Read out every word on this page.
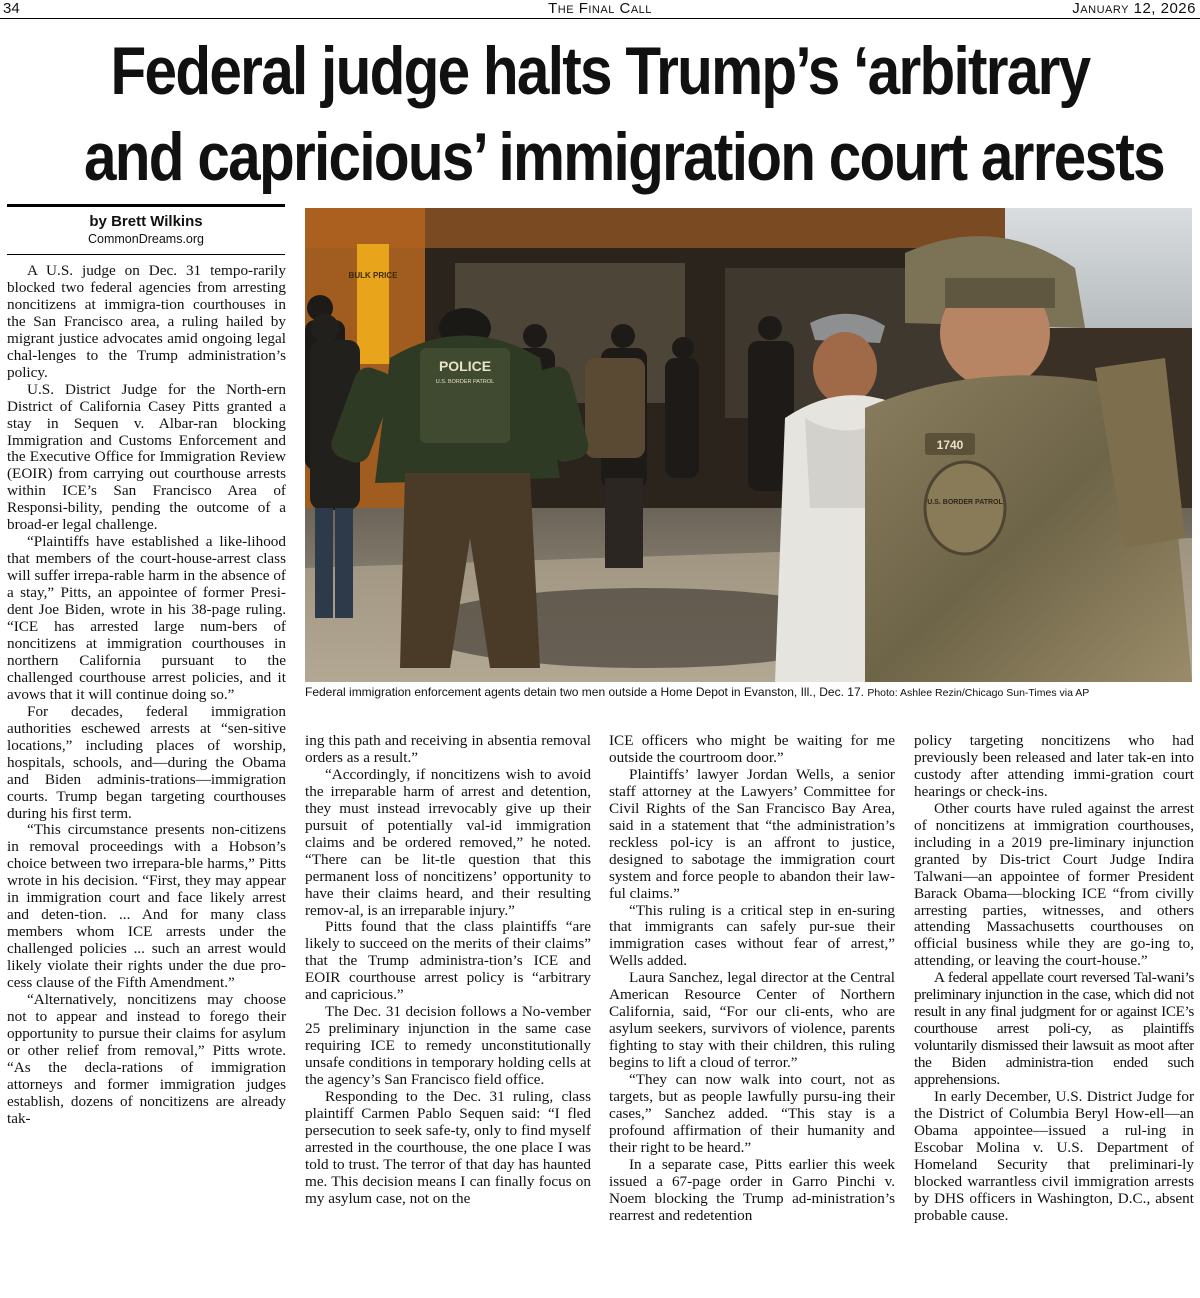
34	The Final Call	January 12, 2026
Federal judge halts Trump’s ‘arbitrary
and capricious’ immigration court arrests
by Brett Wilkins
CommonDreams.org
BULK PRICE
POLICE
U.S. BORDER PATROL
U.S. BORDER PATROL
1740
Federal immigration enforcement agents detain two men outside a Home Depot in Evanston, Ill., Dec. 17. Photo: Ashlee Rezin/Chicago Sun-Times via AP

A U.S. judge on Dec. 31 tempo-rarily blocked two federal agencies from arresting noncitizens at immigra-tion courthouses in the San Francisco area, a ruling hailed by migrant justice advocates amid ongoing legal chal-lenges to the Trump administration’s policy.

U.S. District Judge for the North-ern District of California Casey Pitts granted a stay in Sequen v. Albar-ran blocking Immigration and Customs Enforcement and the Executive Office for Immigration Review (EOIR) from carrying out courthouse arrests within ICE’s San Francisco Area of Responsi-bility, pending the outcome of a broad-er legal challenge.

“Plaintiffs have established a like-lihood that members of the court-house-arrest class will suffer irrepa-rable harm in the absence of a stay,” Pitts, an appointee of former Presi-dent Joe Biden, wrote in his 38-page ruling. “ICE has arrested large num-bers of noncitizens at immigration courthouses in northern California pursuant to the challenged courthouse arrest policies, and it avows that it will continue doing so.”

For decades, federal immigration authorities eschewed arrests at “sen-sitive locations,” including places of worship, hospitals, schools, and—during the Obama and Biden adminis-trations—immigration courts. Trump began targeting courthouses during his first term.

“This circumstance presents non-citizens in removal proceedings with a Hobson’s choice between two irrepara-ble harms,” Pitts wrote in his decision. “First, they may appear in immigration court and face likely arrest and deten-tion. ... And for many class members whom ICE arrests under the challenged policies ... such an arrest would likely violate their rights under the due pro-cess clause of the Fifth Amendment.”

“Alternatively, noncitizens may choose not to appear and instead to forego their opportunity to pursue their claims for asylum or other relief from removal,” Pitts wrote. “As the decla-rations of immigration attorneys and former immigration judges establish, dozens of noncitizens are already tak-

ing this path and receiving in absentia removal orders as a result.”

“Accordingly, if noncitizens wish to avoid the irreparable harm of arrest and detention, they must instead irrevocably give up their pursuit of potentially val-id immigration claims and be ordered removed,” he noted. “There can be lit-tle question that this permanent loss of noncitizens’ opportunity to have their claims heard, and their resulting remov-al, is an irreparable injury.”

Pitts found that the class plaintiffs “are likely to succeed on the merits of their claims” that the Trump administra-tion’s ICE and EOIR courthouse arrest policy is “arbitrary and capricious.”

The Dec. 31 decision follows a No-vember 25 preliminary injunction in the same case requiring ICE to remedy unconstitutionally unsafe conditions in temporary holding cells at the agency’s San Francisco field office.

Responding to the Dec. 31 ruling, class plaintiff Carmen Pablo Sequen said: “I fled persecution to seek safe-ty, only to find myself arrested in the courthouse, the one place I was told to trust. The terror of that day has haunted me. This decision means I can finally focus on my asylum case, not on the

ICE officers who might be waiting for me outside the courtroom door.”

Plaintiffs’ lawyer Jordan Wells, a senior staff attorney at the Lawyers’ Committee for Civil Rights of the San Francisco Bay Area, said in a statement that “the administration’s reckless pol-icy is an affront to justice, designed to sabotage the immigration court system and force people to abandon their law-ful claims.”

“This ruling is a critical step in en-suring that immigrants can safely pur-sue their immigration cases without fear of arrest,” Wells added.

Laura Sanchez, legal director at the Central American Resource Center of Northern California, said, “For our cli-ents, who are asylum seekers, survivors of violence, parents fighting to stay with their children, this ruling begins to lift a cloud of terror.”

“They can now walk into court, not as targets, but as people lawfully pursu-ing their cases,” Sanchez added. “This stay is a profound affirmation of their humanity and their right to be heard.”

In a separate case, Pitts earlier this week issued a 67-page order in Garro Pinchi v. Noem blocking the Trump ad-ministration’s rearrest and redetention

policy targeting noncitizens who had previously been released and later tak-en into custody after attending immi-gration court hearings or check-ins.

Other courts have ruled against the arrest of noncitizens at immigration courthouses, including in a 2019 pre-liminary injunction granted by Dis-trict Court Judge Indira Talwani—an appointee of former President Barack Obama—blocking ICE “from civilly arresting parties, witnesses, and others attending Massachusetts courthouses on official business while they are go-ing to, attending, or leaving the court-house.”

A federal appellate court reversed Tal-wani’s preliminary injunction in the case, which did not result in any final judgment for or against ICE’s courthouse arrest poli-cy, as plaintiffs voluntarily dismissed their lawsuit as moot after the Biden administra-tion ended such apprehensions.

In early December, U.S. District Judge for the District of Columbia Beryl How-ell—an Obama appointee—issued a rul-ing in Escobar Molina v. U.S. Department of Homeland Security that preliminari-ly blocked warrantless civil immigration arrests by DHS officers in Washington, D.C., absent probable cause.
